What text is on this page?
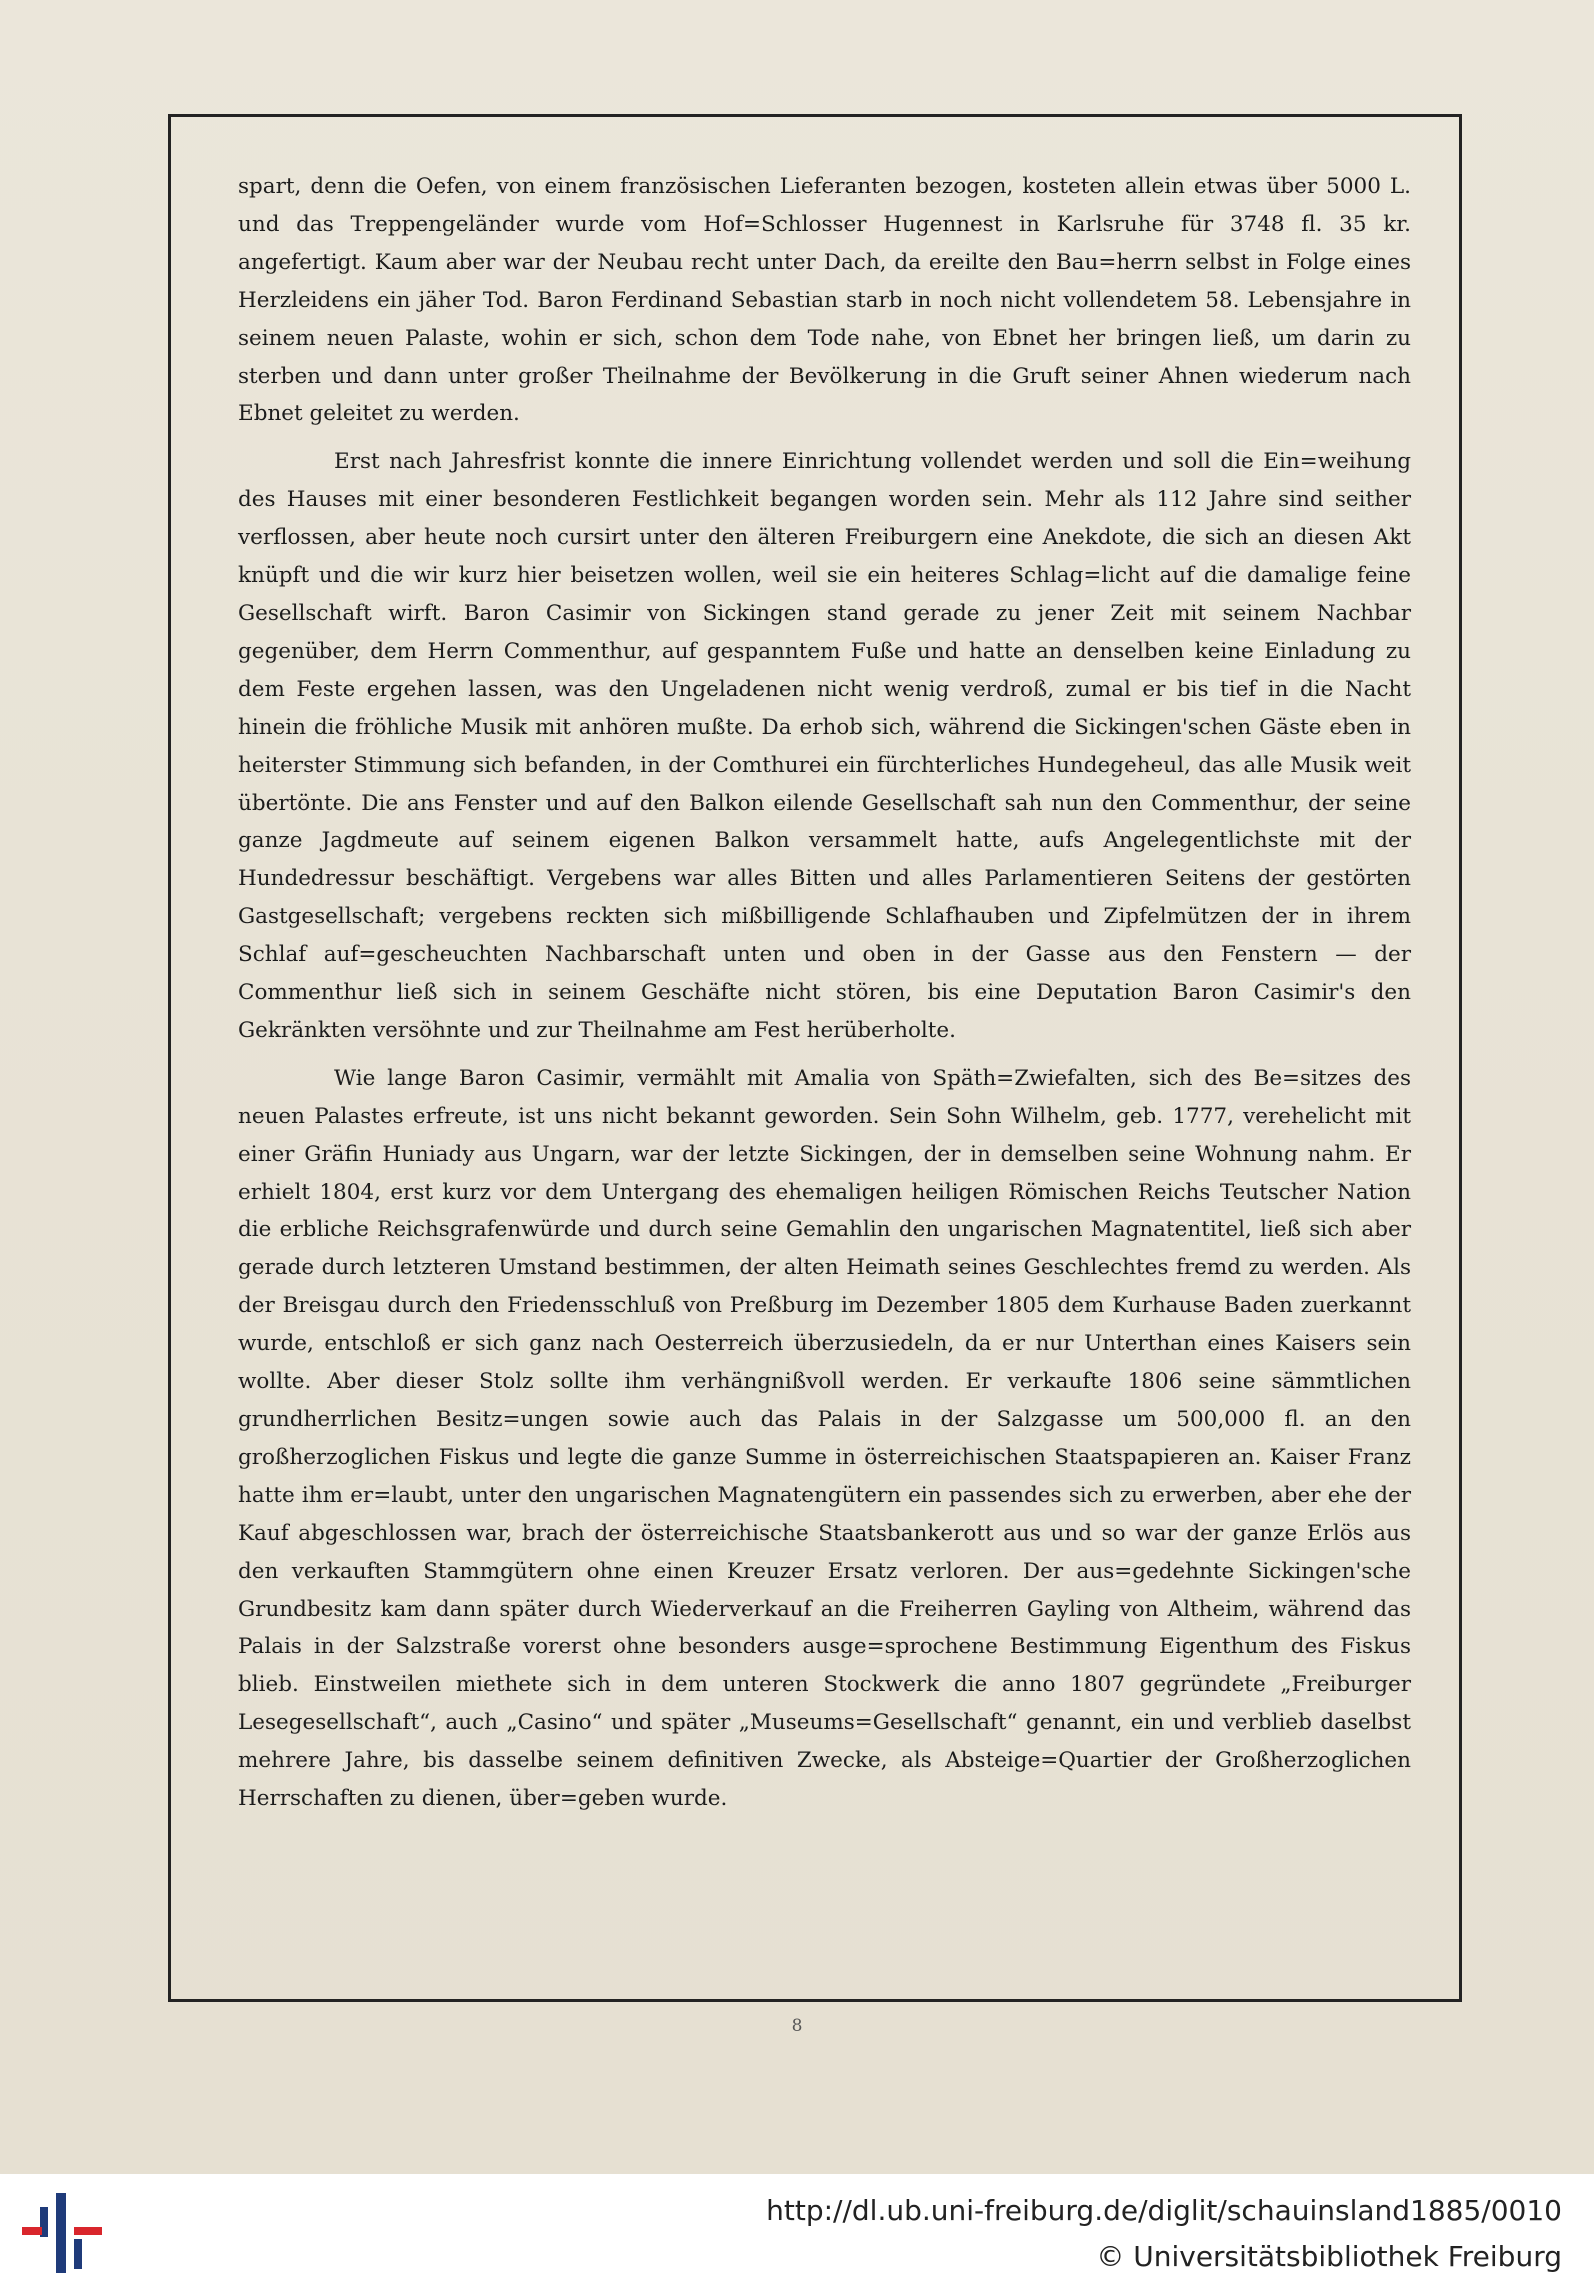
spart, denn die Oefen, von einem französischen Lieferanten bezogen, kosteten allein etwas über 5000 L. und das Treppengeländer wurde vom Hof=Schlosser Hugennest in Karlsruhe für 3748 fl. 35 kr. angefertigt. Kaum aber war der Neubau recht unter Dach, da ereilte den Bau=herrn selbst in Folge eines Herzleidens ein jäher Tod. Baron Ferdinand Sebastian starb in noch nicht vollendetem 58. Lebensjahre in seinem neuen Palaste, wohin er sich, schon dem Tode nahe, von Ebnet her bringen ließ, um darin zu sterben und dann unter großer Theilnahme der Bevölkerung in die Gruft seiner Ahnen wiederum nach Ebnet geleitet zu werden.

Erst nach Jahresfrist konnte die innere Einrichtung vollendet werden und soll die Ein=weihung des Hauses mit einer besonderen Festlichkeit begangen worden sein. Mehr als 112 Jahre sind seither verflossen, aber heute noch cursirt unter den älteren Freiburgern eine Anekdote, die sich an diesen Akt knüpft und die wir kurz hier beisetzen wollen, weil sie ein heiteres Schlag=licht auf die damalige feine Gesellschaft wirft. Baron Casimir von Sickingen stand gerade zu jener Zeit mit seinem Nachbar gegenüber, dem Herrn Commenthur, auf gespanntem Fuße und hatte an denselben keine Einladung zu dem Feste ergehen lassen, was den Ungeladenen nicht wenig verdroß, zumal er bis tief in die Nacht hinein die fröhliche Musik mit anhören mußte. Da erhob sich, während die Sickingen'schen Gäste eben in heiterster Stimmung sich befanden, in der Comthurei ein fürchterliches Hundegeheul, das alle Musik weit übertönte. Die ans Fenster und auf den Balkon eilende Gesellschaft sah nun den Commenthur, der seine ganze Jagdmeute auf seinem eigenen Balkon versammelt hatte, aufs Angelegentlichste mit der Hundedressur beschäftigt. Vergebens war alles Bitten und alles Parlamentieren Seitens der gestörten Gastgesellschaft; vergebens reckten sich mißbilligende Schlafhauben und Zipfelmützen der in ihrem Schlaf auf=gescheuchten Nachbarschaft unten und oben in der Gasse aus den Fenstern — der Commenthur ließ sich in seinem Geschäfte nicht stören, bis eine Deputation Baron Casimir's den Gekränkten versöhnte und zur Theilnahme am Fest herüberholte.

Wie lange Baron Casimir, vermählt mit Amalia von Späth=Zwiefalten, sich des Be=sitzes des neuen Palastes erfreute, ist uns nicht bekannt geworden. Sein Sohn Wilhelm, geb. 1777, verehelicht mit einer Gräfin Huniady aus Ungarn, war der letzte Sickingen, der in demselben seine Wohnung nahm. Er erhielt 1804, erst kurz vor dem Untergang des ehemaligen heiligen Römischen Reichs Teutscher Nation die erbliche Reichsgrafenwürde und durch seine Gemahlin den ungarischen Magnatentitel, ließ sich aber gerade durch letzteren Umstand bestimmen, der alten Heimath seines Geschlechtes fremd zu werden. Als der Breisgau durch den Friedensschluß von Preßburg im Dezember 1805 dem Kurhause Baden zuerkannt wurde, entschloß er sich ganz nach Oesterreich überzusiedeln, da er nur Unterthan eines Kaisers sein wollte. Aber dieser Stolz sollte ihm verhängnißvoll werden. Er verkaufte 1806 seine sämmtlichen grundherrlichen Besitz=ungen sowie auch das Palais in der Salzgasse um 500,000 fl. an den großherzoglichen Fiskus und legte die ganze Summe in österreichischen Staatspapieren an. Kaiser Franz hatte ihm er=laubt, unter den ungarischen Magnatengütern ein passendes sich zu erwerben, aber ehe der Kauf abgeschlossen war, brach der österreichische Staatsbankerott aus und so war der ganze Erlös aus den verkauften Stammgütern ohne einen Kreuzer Ersatz verloren. Der aus=gedehnte Sickingen'sche Grundbesitz kam dann später durch Wiederverkauf an die Freiherren Gayling von Altheim, während das Palais in der Salzstraße vorerst ohne besonders ausge=sprochene Bestimmung Eigenthum des Fiskus blieb. Einstweilen miethete sich in dem unteren Stockwerk die anno 1807 gegründete „Freiburger Lesegesellschaft“, auch „Casino“ und später „Museums=Gesellschaft“ genannt, ein und verblieb daselbst mehrere Jahre, bis dasselbe seinem definitiven Zwecke, als Absteige=Quartier der Großherzoglichen Herrschaften zu dienen, über=geben wurde.

8
http://dl.ub.uni-freiburg.de/diglit/schauinsland1885/0010
© Universitätsbibliothek Freiburg
